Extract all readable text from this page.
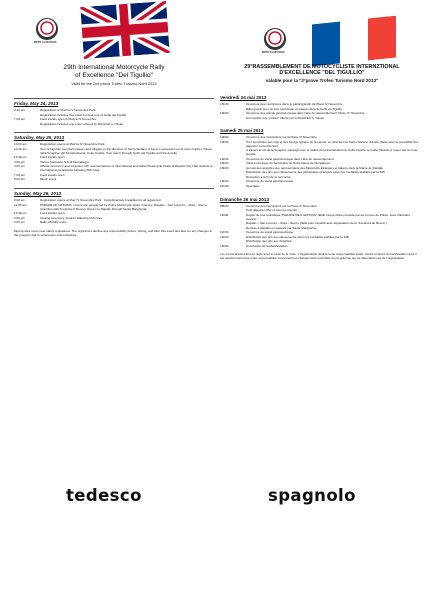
MOTO CLUB PAVIA
29th International Motorcycle Rally
of Excellence "Del Tigullio"
Valid for the 2nd prova Trofeo Turismo Nord 2013
Friday, May 24, 2013
3.30 pm	Registration at Piazza IV Novembre Park
Registration includes free ticket for boat tour of Golfo del Tigullio
7.00 pm	Food stands open in Piazza IV Novembre
Registration includes one entre' offered by Motoclub A. Olivari
Saturday, May 25, 2013
10.00 am	Registration opens at Piazza IV Novembre Park
10.30 am	Tour of Ligurian mountain passes and villages, in the direction of Santo Stefano d' Aveto ( restaurant Lemti open inquire), Passo della Scoglina, Val Fontanabuona, Colle Caprile, then return through Golfo del Tigullio and Via Aurelia
12.30 pm	Food stands open
3.00 pm	Visit to Santuario N.S.di Montallegro
4.00 pm	Official ceremony and reception with representatives of International and Italian Motorcycle Clubs at Rapallo City Hall. Awards to international participants following FMI rules.
7.00 pm	Food stands open
9.00 pm	Music event
Sunday, May 26, 2013
8.00 am	Registration opens at Piaz IV Novembre Park . Complimentary breakfast for all registered.
11.00 am	PARADE OF NATIONS, motorcycle parade led by Police Motorcycle Units. Itinerary: Rapallo – San Lorenzo – Ruta – Recco (aperitivo with Focaccia di Recco). Return to Rapallo through Santa Margherita.
12.30 pm	Food stands open
2.00 pm	Closing ceremony. Awards following FMI rules.
4.00 pm	Rally officially ends.
Motorcycles must meet safety regulations. The organizers decline any responsibility before, during, and after this event and also for any changes in the program due to unforeseen circumstances.
MOTO CLUB PAVIA
29°RASSEMBLEMENT DE MOTOCYCLISTE INTERNZTIONAL
D'EXCELLENCE "DEL TIGULLIO"
valable pour la "2°prove Trofeo Turismo Nord 2013"
Vendredi 24 mai 2013
15h30	Ouverture des inscriptions dans le parking/jardin de Place IV Novembre
Billet gratuit pour un tour touristique en bateau dans le Golfe du Tigullio
19h00	Ouverture des stands gastronomique dans l'aire du rassemblement, Place IV Novembre
Aux inscrits une "entrée" offerte par le MotoClub A. Olivari
Samedi 25 mai 2013
10h00	Ouverture des inscriptions sur la Place IV Novembre
10h30	Tour touristique des cols et des bourgs typique de la Ligurie, en direction de Santo Stefano d'Aveto (halte avec la possibilité d'un déjeuner conventionné)
A travers le col de la Scoglina, passage pour la Vallée de la Fontanabuona, Colle Caprile, le Golfe Paradis et retour par la route Aurelia
12h30	Ouverture du stand gastronomique dans l'aire du rassemblement
15h00	Visite touristique du Sanctuaire de Notre Dame de Montallegro
18h00	Accueil des autorités aux représentants des Motoclubs Etrangers et Italiens dans la Mairie de Rapallo.
Distribution des prix aux classements des participants étrangers selon les modalités établies par la FMI
Réception à la fin de la rencontre
19h00	Ouverture du stand gastronomique
21h00	Spectacle
Dimanche 26 mai 2013
08h00	Ouverture des inscriptions sur la Place IV Novembre
Petit déjeuner offert à tous les inscrits
11h00	Départ du tour touristique "PARADE DES NATIONS" défilé motocycliste précédé par les Forces de Police, avec l'itinéraire suivant :
Rapallo – San Lorenzo – Ruta – Recco (halte pour l'apéritif avec dégustation de la "Focaccia de Recco").
Rentrée à Rapallo en passant par Santa Margherita
12h30	Ouverture du stand gastronomique
14h00	Distribution des prix aux classements selon les modalités établies par la FMI
Distribution des prix aux Autorités
16h00	Conclusion de la Manifestation
Les motos doivent être en règle avec le code de la route. L'Organisation décline toute responsabilité avant, durant et après la manifestation dont il est question ainsi que toute responsabilité concernant les changements éventuels du programme qui ne dépendent pas de l'organisation
tedesco	spagnolo
